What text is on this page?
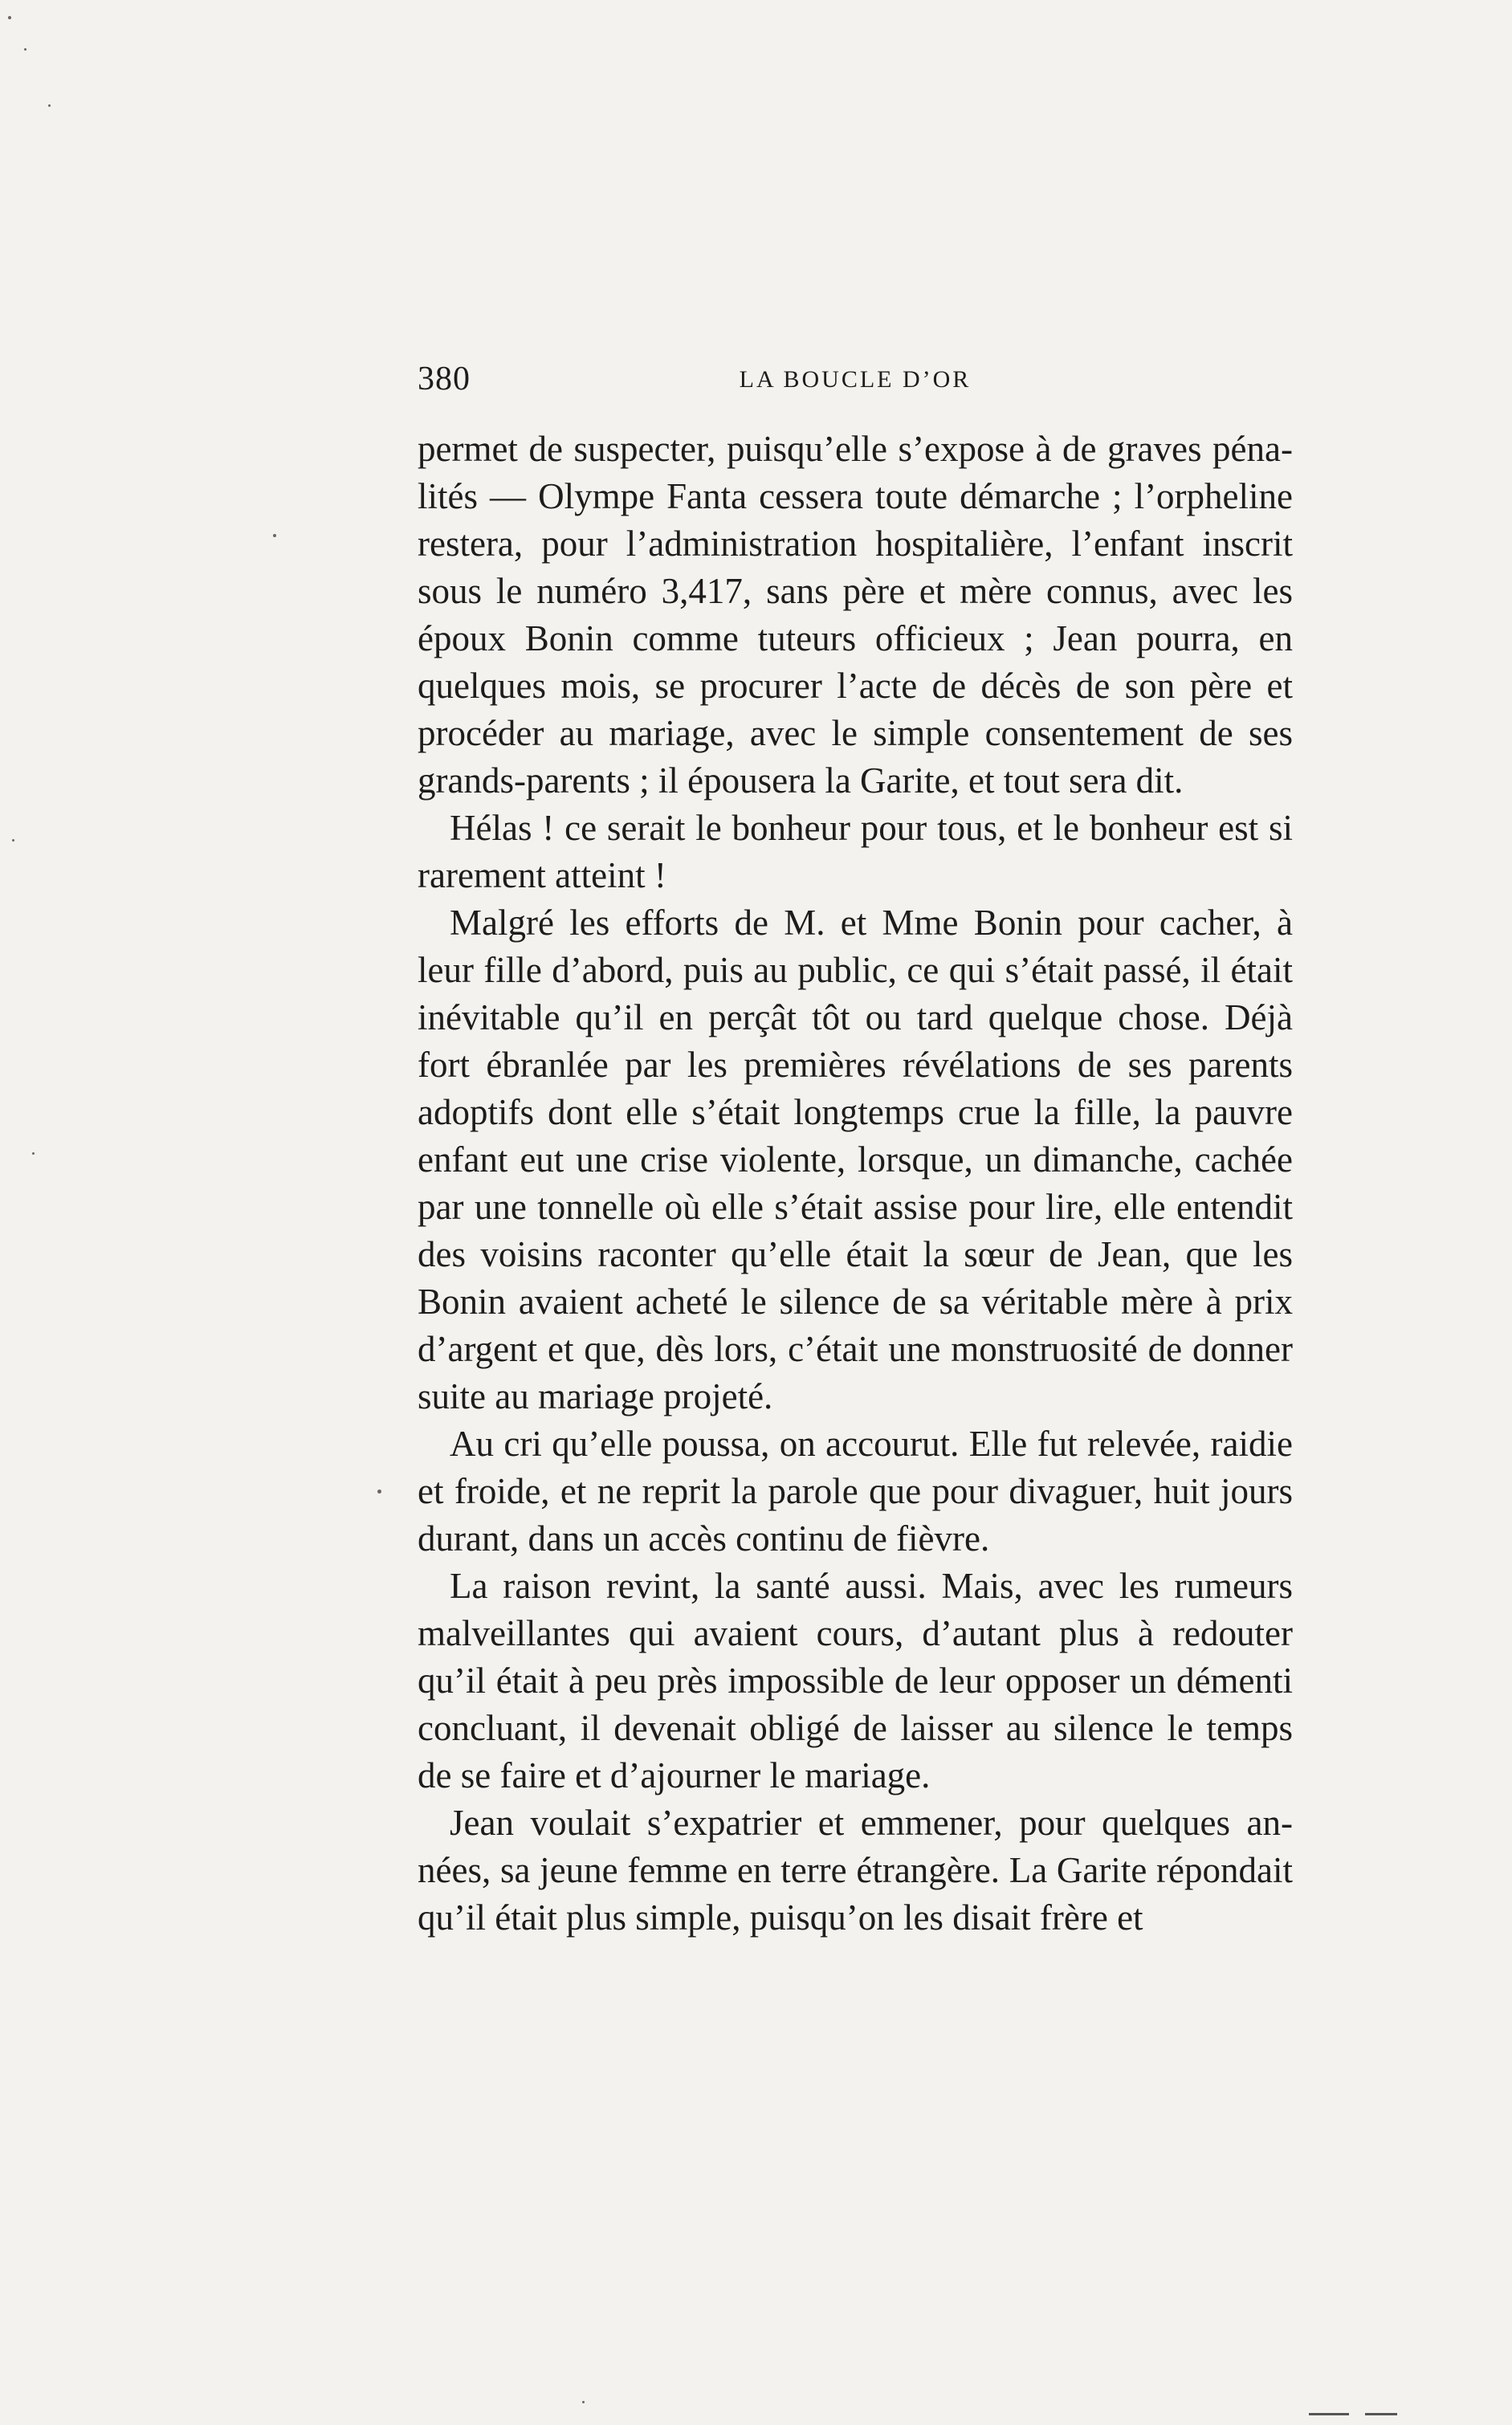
380	LA BOUCLE D’OR

permet de suspecter, puisqu’elle s’expose à de graves pénalités — Olympe Fanta cessera toute démarche ; l’orpheline restera, pour l’administration hospitalière, l’enfant inscrit sous le numéro 3,417, sans père et mère connus, avec les époux Bonin comme tuteurs officieux ; Jean pourra, en quelques mois, se procurer l’acte de décès de son père et procéder au mariage, avec le simple consentement de ses grands-parents ; il épousera la Garite, et tout sera dit.

Hélas ! ce serait le bonheur pour tous, et le bonheur est si rarement atteint !

Malgré les efforts de M. et Mme Bonin pour cacher, à leur fille d’abord, puis au public, ce qui s’était passé, il était inévitable qu’il en perçât tôt ou tard quelque chose. Déjà fort ébranlée par les premières révélations de ses parents adoptifs dont elle s’était longtemps crue la fille, la pauvre enfant eut une crise violente, lorsque, un dimanche, cachée par une tonnelle où elle s’était assise pour lire, elle entendit des voisins raconter qu’elle était la sœur de Jean, que les Bonin avaient acheté le silence de sa véritable mère à prix d’argent et que, dès lors, c’était une monstruosité de donner suite au mariage projeté.

Au cri qu’elle poussa, on accourut. Elle fut relevée, raidie et froide, et ne reprit la parole que pour divaguer, huit jours durant, dans un accès continu de fièvre.

La raison revint, la santé aussi. Mais, avec les rumeurs malveillantes qui avaient cours, d’autant plus à redouter qu’il était à peu près impossible de leur opposer un démenti concluant, il devenait obligé de laisser au silence le temps de se faire et d’ajourner le mariage.

Jean voulait s’expatrier et emmener, pour quelques années, sa jeune femme en terre étrangère. La Garite répondait qu’il était plus simple, puisqu’on les disait frère et
